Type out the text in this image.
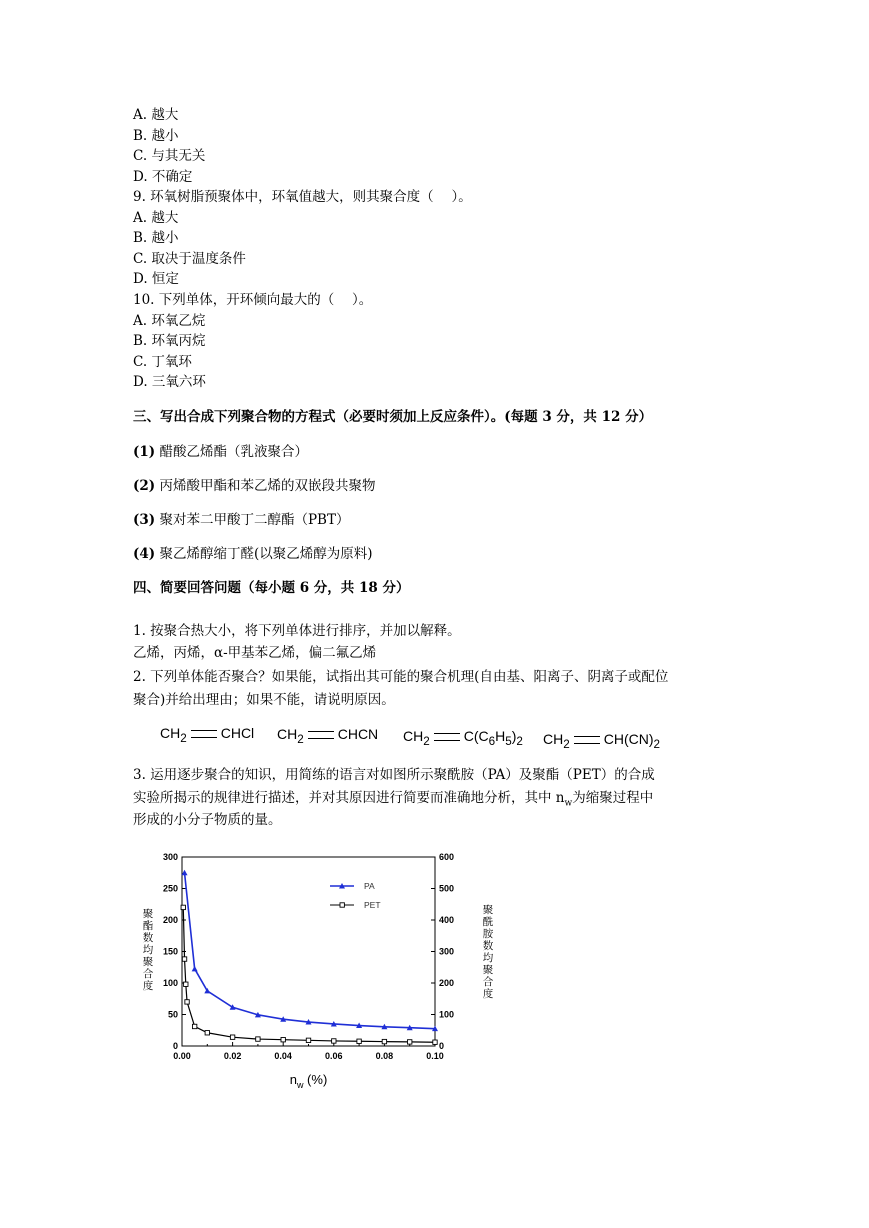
A. 越大
B. 越小
C. 与其无关
D. 不确定
9. 环氧树脂预聚体中，环氧值越大，则其聚合度（　 ）。
A. 越大
B. 越小
C. 取决于温度条件
D. 恒定
10. 下列单体，开环倾向最大的（　 ）。
A. 环氧乙烷
B. 环氧丙烷
C. 丁氧环
D. 三氧六环
三、写出合成下列聚合物的方程式（必要时须加上反应条件）。(每题 3 分，共 12 分）
(1) 醋酸乙烯酯（乳液聚合）
(2) 丙烯酸甲酯和苯乙烯的双嵌段共聚物
(3) 聚对苯二甲酸丁二醇酯（PBT）
(4) 聚乙烯醇缩丁醛(以聚乙烯醇为原料)
四、简要回答问题（每小题 6 分，共 18 分）
1. 按聚合热大小，将下列单体进行排序，并加以解释。
乙烯，丙烯，α-甲基苯乙烯，偏二氟乙烯
2. 下列单体能否聚合？如果能，试指出其可能的聚合机理(自由基、阳离子、阴离子或配位
聚合)并给出理由；如果不能，请说明原因。
$CH_2$ CHCl $CH_2$ CHCN $CH_2$ $C(C_6H_5)_2$ $CH_2$ $CH(CN)_2$
3. 运用逐步聚合的知识，用简练的语言对如图所示聚酰胺（PA）及聚酯（PET）的合成
实验所揭示的规律进行描述，并对其原因进行简要而准确地分析，其中 $n_w$为缩聚过程中
形成的小分子物质的量。
0.00	0.02	0.04	0.06	0.08	0.10
0
50
100
150
200
250
300
0
100
200
300
400
500
600
$n_w$ (%)
聚
酯
数
均
聚
合
度
聚
酰
胺
数
均
聚
合
度
PA
PET
